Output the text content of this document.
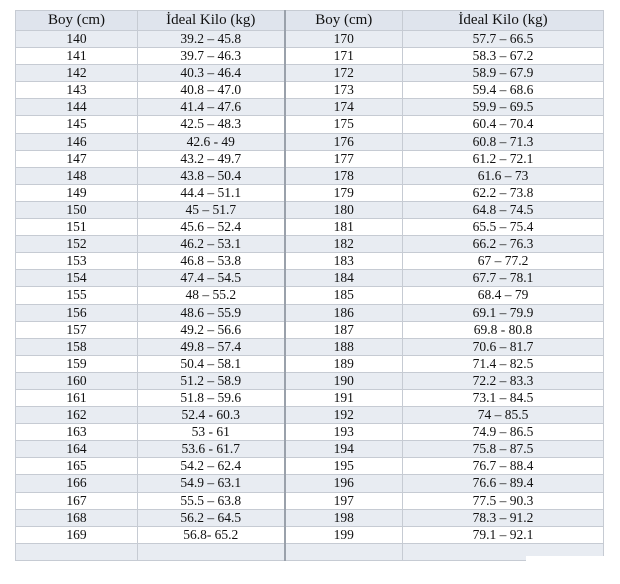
Boy (cm)	İdeal Kilo (kg)	Boy (cm)	İdeal Kilo (kg)
140	39.2 – 45.8	170	57.7 – 66.5
141	39.7 – 46.3	171	58.3 – 67.2
142	40.3 – 46.4	172	58.9 – 67.9
143	40.8 – 47.0	173	59.4 – 68.6
144	41.4 – 47.6	174	59.9 – 69.5
145	42.5 – 48.3	175	60.4 – 70.4
146	42.6 - 49	176	60.8 – 71.3
147	43.2 – 49.7	177	61.2 – 72.1
148	43.8 – 50.4	178	61.6 – 73
149	44.4 – 51.1	179	62.2 – 73.8
150	45 – 51.7	180	64.8 – 74.5
151	45.6 – 52.4	181	65.5 – 75.4
152	46.2 – 53.1	182	66.2 – 76.3
153	46.8 – 53.8	183	67 – 77.2
154	47.4 – 54.5	184	67.7 – 78.1
155	48 – 55.2	185	68.4 – 79
156	48.6 – 55.9	186	69.1 – 79.9
157	49.2 – 56.6	187	69.8 - 80.8
158	49.8 – 57.4	188	70.6 – 81.7
159	50.4 – 58.1	189	71.4 – 82.5
160	51.2 – 58.9	190	72.2 – 83.3
161	51.8 – 59.6	191	73.1 – 84.5
162	52.4 - 60.3	192	74 – 85.5
163	53 - 61	193	74.9 – 86.5
164	53.6 - 61.7	194	75.8 – 87.5
165	54.2 – 62.4	195	76.7 – 88.4
166	54.9 – 63.1	196	76.6 – 89.4
167	55.5 – 63.8	197	77.5 – 90.3
168	56.2 – 64.5	198	78.3 – 91.2
169	56.8- 65.2	199	79.1 – 92.1
